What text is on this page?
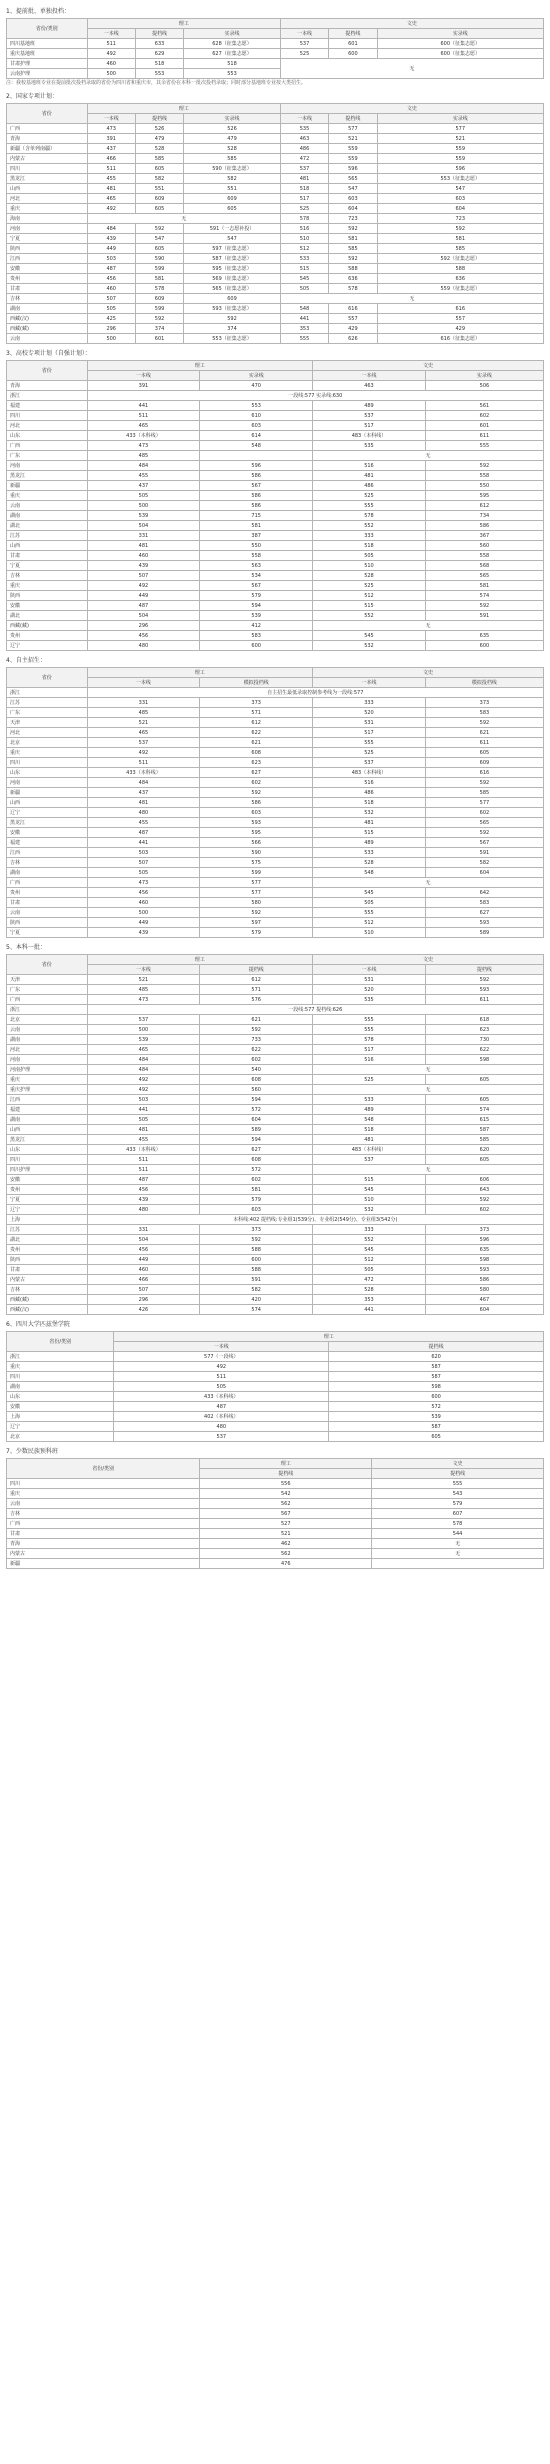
1、提前批、单独投档：
省份/类别	理工			文史		
	一本线	提档线	实录线	一本线	提档线	实录线
四川基地班	511	633	628（征集志愿）	537	601	600（征集志愿）
重庆基地班	492	629	627（征集志愿）	525	600	600（征集志愿）
甘肃护理	460	518	518	无		
云南护理	500	553	553			
注：我校基地班专业在提前批次投档录取的省份为四川省和重庆市，其余省份在本科一批次投档录取；同时部分基地班专业按大类招生。
2、国家专项计划：
省份	理工			文史		
	一本线	提档线	实录线	一本线	提档线	实录线
广西	473	526	526	535	577	577
青海	391	479	479	463	521	521
新疆（含单列南疆）	437	528	528	486	559	559
内蒙古	466	585	585	472	559	559
四川	511	605	590（征集志愿）	537	596	596
黑龙江	455	582	582	481	565	553（征集志愿）
山西	481	551	551	518	547	547
河北	465	609	609	517	603	603
重庆	492	605	605	525	604	604
海南	无			578	723	723
河南	484	592	591（一志愿补投）	516	592	592
宁夏	439	547	547	510	581	581
陕西	449	605	597（征集志愿）	512	585	585
江西	503	590	587（征集志愿）	533	592	592（征集志愿）
安徽	487	599	595（征集志愿）	515	588	588
贵州	456	581	569（征集志愿）	545	636	636
甘肃	460	578	565（征集志愿）	505	578	559（征集志愿）
吉林	507	609	609	无		
湖南	505	599	593（征集志愿）	548	616	616
西藏(汉)	425	592	592	441	557	557
西藏(藏)	296	374	374	353	429	429
云南	500	601	553（征集志愿）	555	626	616（征集志愿）
3、高校专项计划（自强计划）：
省份	理工		文史	
	一本线	实录线	一本线	实录线
青海	391	470	463	506
浙江	一段线:577 实录线:630			
福建	441	553	489	561
四川	511	610	537	602
河北	465	603	517	601
山东	433（本科线）	614	483（本科线）	611
广西	473	548	535	555
广东	485		无	
河南	484	596	516	592
黑龙江	455	586	481	558
新疆	437	567	486	550
重庆	505	586	525	595
云南	500	586	555	612
湖南	539	715	578	734
湖北	504	581	552	586
江苏	331	387	333	367
山西	481	550	518	560
甘肃	460	558	505	558
宁夏	439	563	510	568
吉林	507	534	528	565
重庆	492	567	525	581
陕西	449	579	512	574
安徽	487	594	515	592
湖北	504	539	552	591
西藏(藏)	296	412	无	
贵州	456	583	545	635
辽宁	480	600	532	600
4、自主招生：
省份	理工		文史	
	一本线	模拟投档线	一本线	模拟投档线
浙江	自主招生最低录取控制参考线为一段线:577			
江苏	331	373	333	373
广东	485	571	520	583
天津	521	612	531	592
河北	465	622	517	621
北京	537	621	555	611
重庆	492	608	525	605
四川	511	623	537	609
山东	433（本科线）	627	483（本科线）	616
河南	484	602	516	592
新疆	437	592	486	585
山西	481	586	518	577
辽宁	480	603	532	602
黑龙江	455	593	481	565
安徽	487	595	515	592
福建	441	566	489	567
江西	503	590	533	591
吉林	507	575	528	582
湖南	505	599	548	604
广西	473	577	无	
贵州	456	577	545	642
甘肃	460	580	505	583
云南	500	592	555	627
陕西	449	597	512	593
宁夏	439	579	510	589
5、本科一批：
省份	理工		文史	
	一本线	提档线	一本线	提档线
天津	521	612	531	592
广东	485	571	520	593
广西	473	576	535	611
浙江	一段线:577 提档线:626			
北京	537	621	555	618
云南	500	592	555	623
湖南	539	733	578	730
河北	465	622	517	622
河南	484	602	516	598
河南护理	484	540	无	
重庆	492	608	525	605
重庆护理	492	560	无	
江西	503	594	533	605
福建	441	572	489	574
湖南	505	604	548	615
山西	481	589	518	587
黑龙江	455	594	481	585
山东	433（本科线）	627	483（本科线）	620
四川	511	608	537	605
四川护理	511	572	无	
安徽	487	602	515	606
贵州	456	581	545	643
宁夏	439	579	510	592
辽宁	480	603	532	602
上海	本科线:402 提档线:专业组1(539分)、专业组2(549分)、专业组3(542分)			
江苏	331	373	333	373
湖北	504	592	552	596
贵州	456	588	545	635
陕西	449	600	512	598
甘肃	460	588	505	593
内蒙古	466	591	472	586
吉林	507	582	528	580
西藏(藏)	296	420	353	467
西藏(汉)	426	574	441	604
6、四川大学匹兹堡学院
省份/类别	理工	
	一本线	提档线
浙江	577（一段线）	620
重庆	492	587
四川	511	587
湖南	505	598
山东	433（本科线）	600
安徽	487	572
上海	402（本科线）	539
辽宁	480	587
北京	537	605
7、少数民族预科班
省份/类别	理工	文史
	提档线	提档线
四川	556	555
重庆	542	543
云南	562	579
吉林	567	607
广西	527	578
甘肃	521	544
青海	462	无
内蒙古	562	无
新疆	476	
